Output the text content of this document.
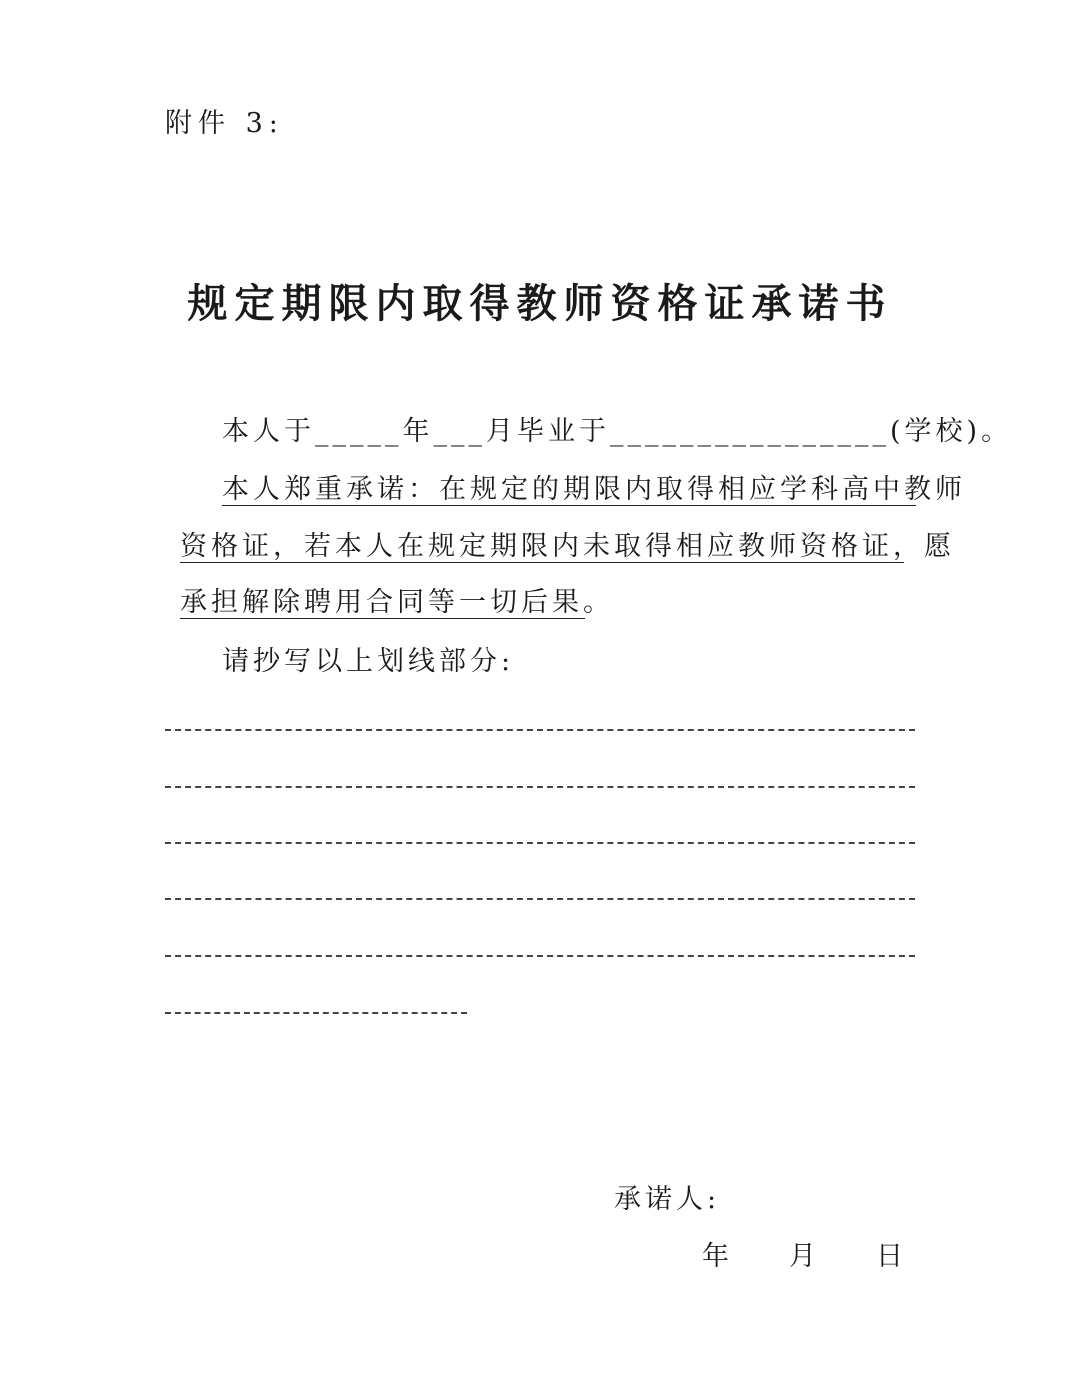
附件 3:
规定期限内取得教师资格证承诺书
本人于_____年___月毕业于________________(学校)。
本人郑重承诺：在规定的期限内取得相应学科高中教师
资格证，若本人在规定期限内未取得相应教师资格证，愿
承担解除聘用合同等一切后果。
请抄写以上划线部分:
承诺人:
年 月 日
